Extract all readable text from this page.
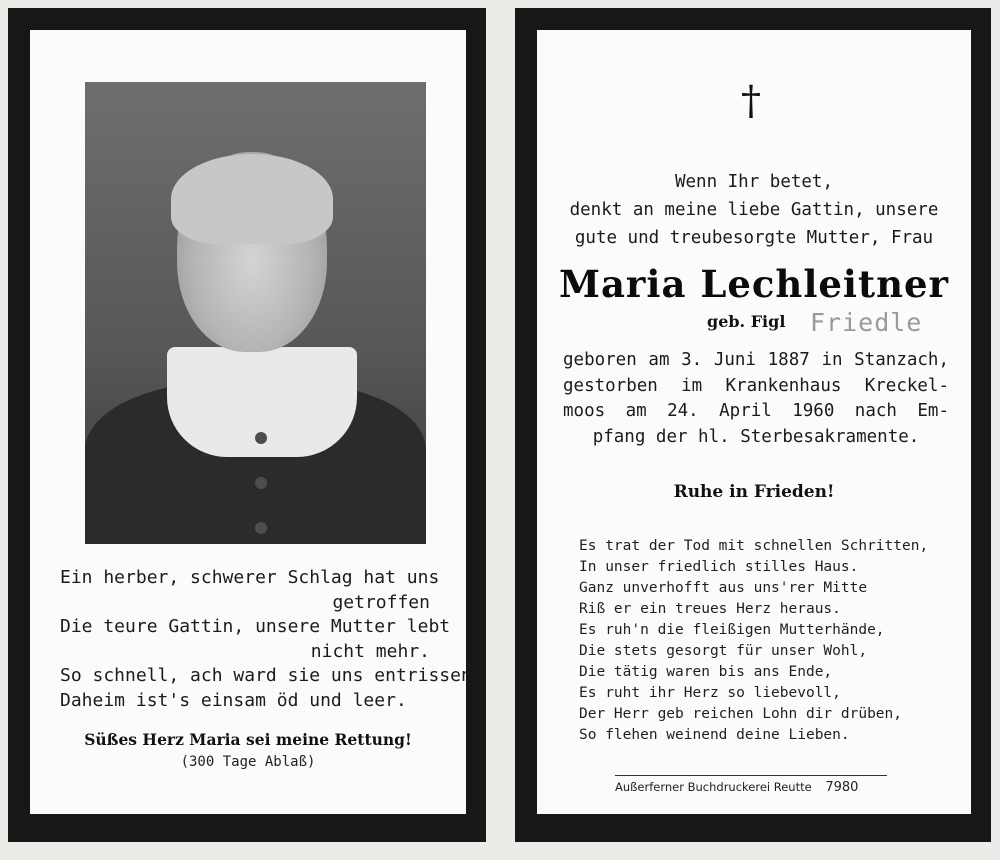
Ein herber, schwerer Schlag hat uns
getroffen
Die teure Gattin, unsere Mutter lebt
nicht mehr.
So schnell, ach ward sie uns entrissen,
Daheim ist's einsam öd und leer.
Süßes Herz Maria sei meine Rettung!
(300 Tage Ablaß)
†
Wenn Ihr betet,
denkt an meine liebe Gattin, unsere
gute und treubesorgte Mutter, Frau
Maria Lechleitner
geb. Figl Friedle
geboren am 3. Juni 1887 in Stanzach,
gestorben im Krankenhaus Kreckel-
moos am 24. April 1960 nach Em-
pfang der hl. Sterbesakramente.
Ruhe in Frieden!
Es trat der Tod mit schnellen Schritten,
In unser friedlich stilles Haus.
Ganz unverhofft aus uns'rer Mitte
Riß er ein treues Herz heraus.
Es ruh'n die fleißigen Mutterhände,
Die stets gesorgt für unser Wohl,
Die tätig waren bis ans Ende,
Es ruht ihr Herz so liebevoll,
Der Herr geb reichen Lohn dir drüben,
So flehen weinend deine Lieben.
Außerferner Buchdruckerei Reutte 7980
